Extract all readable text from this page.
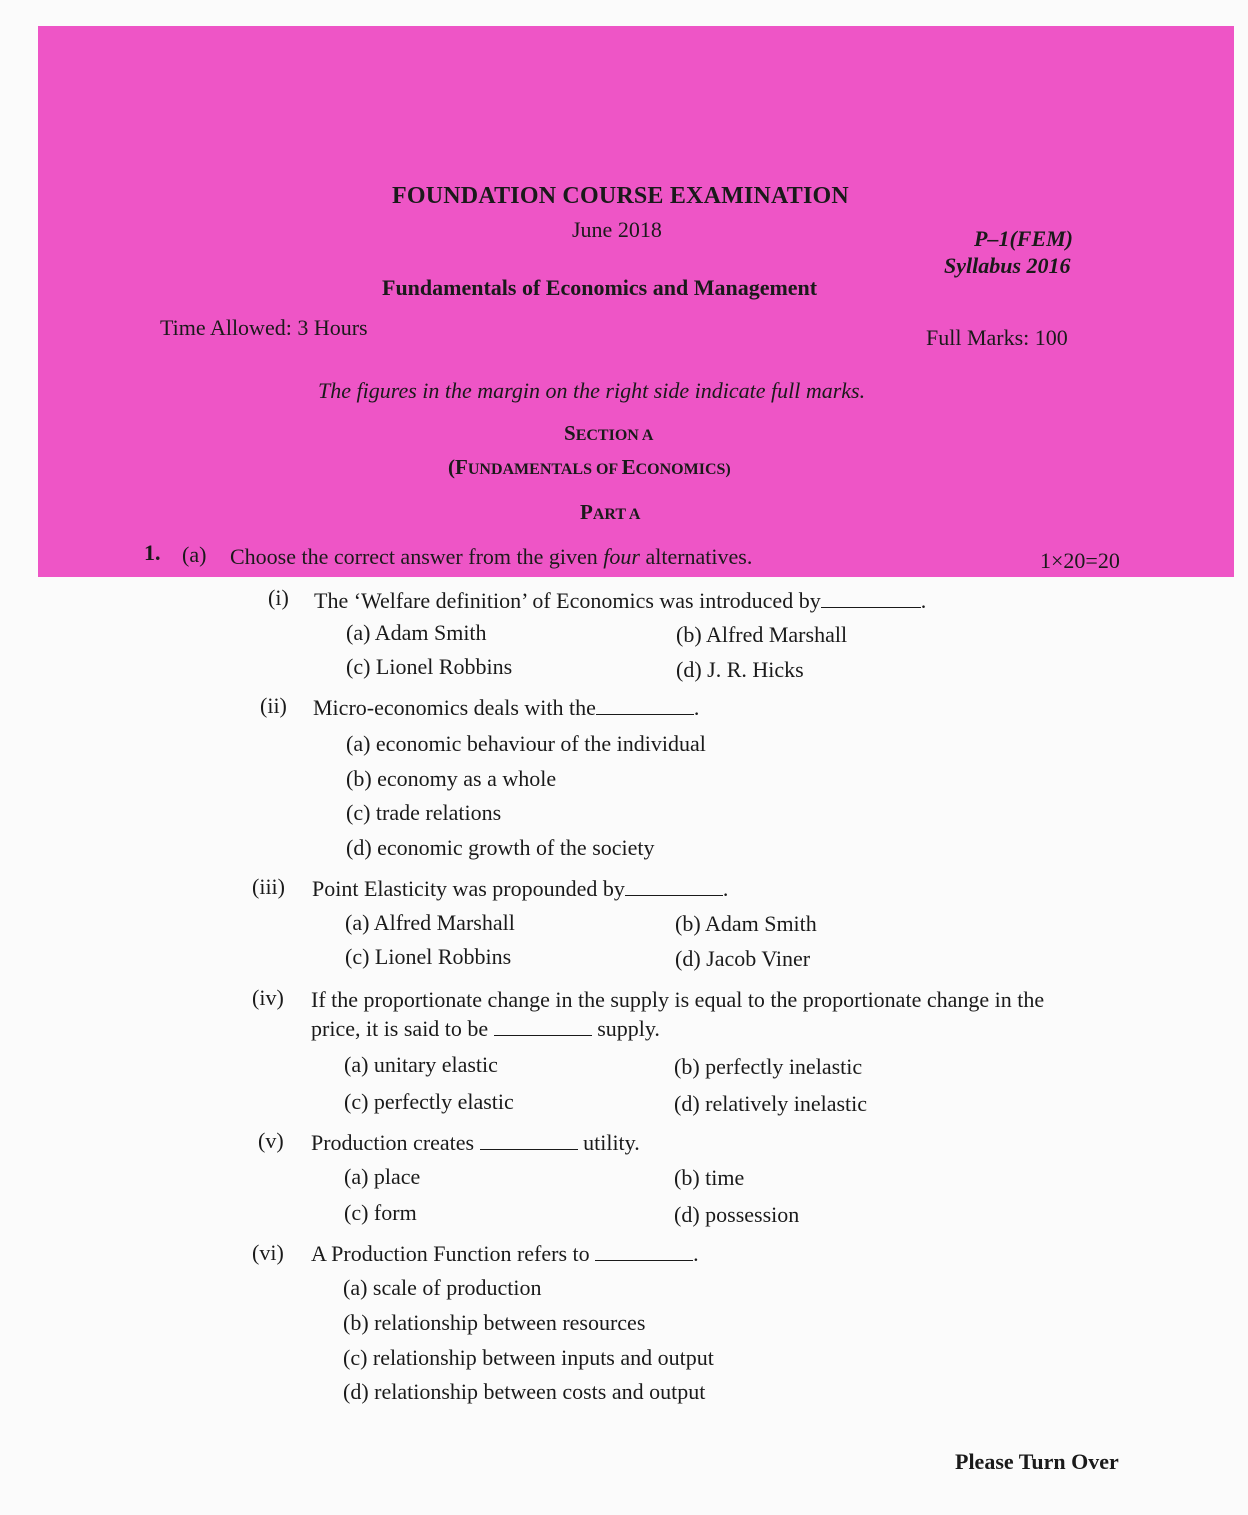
FOUNDATION COURSE EXAMINATION
June 2018	P–1(FEM)
Syllabus 2016
Fundamentals of Economics and Management
Time Allowed: 3 Hours	Full Marks: 100
The figures in the margin on the right side indicate full marks.
SECTION A
(FUNDAMENTALS OF ECONOMICS)
PART A
1. (a) Choose the correct answer from the given four alternatives.	1×20=20
(i) The ‘Welfare definition’ of Economics was introduced by	.
(a) Adam Smith	(b) Alfred Marshall
(c) Lionel Robbins	(d) J. R. Hicks
(ii) Micro-economics deals with the	.
(a) economic behaviour of the individual
(b) economy as a whole
(c) trade relations
(d) economic growth of the society
(iii) Point Elasticity was propounded by	.
(a) Alfred Marshall	(b) Adam Smith
(c) Lionel Robbins	(d) Jacob Viner
(iv) If the proportionate change in the supply is equal to the proportionate change in the
price, it is said to be	supply.
(a) unitary elastic	(b) perfectly inelastic
(c) perfectly elastic	(d) relatively inelastic
(v) Production creates	utility.
(a) place	(b) time
(c) form	(d) possession
(vi) A Production Function refers to	.
(a) scale of production
(b) relationship between resources
(c) relationship between inputs and output
(d) relationship between costs and output
Please Turn Over
